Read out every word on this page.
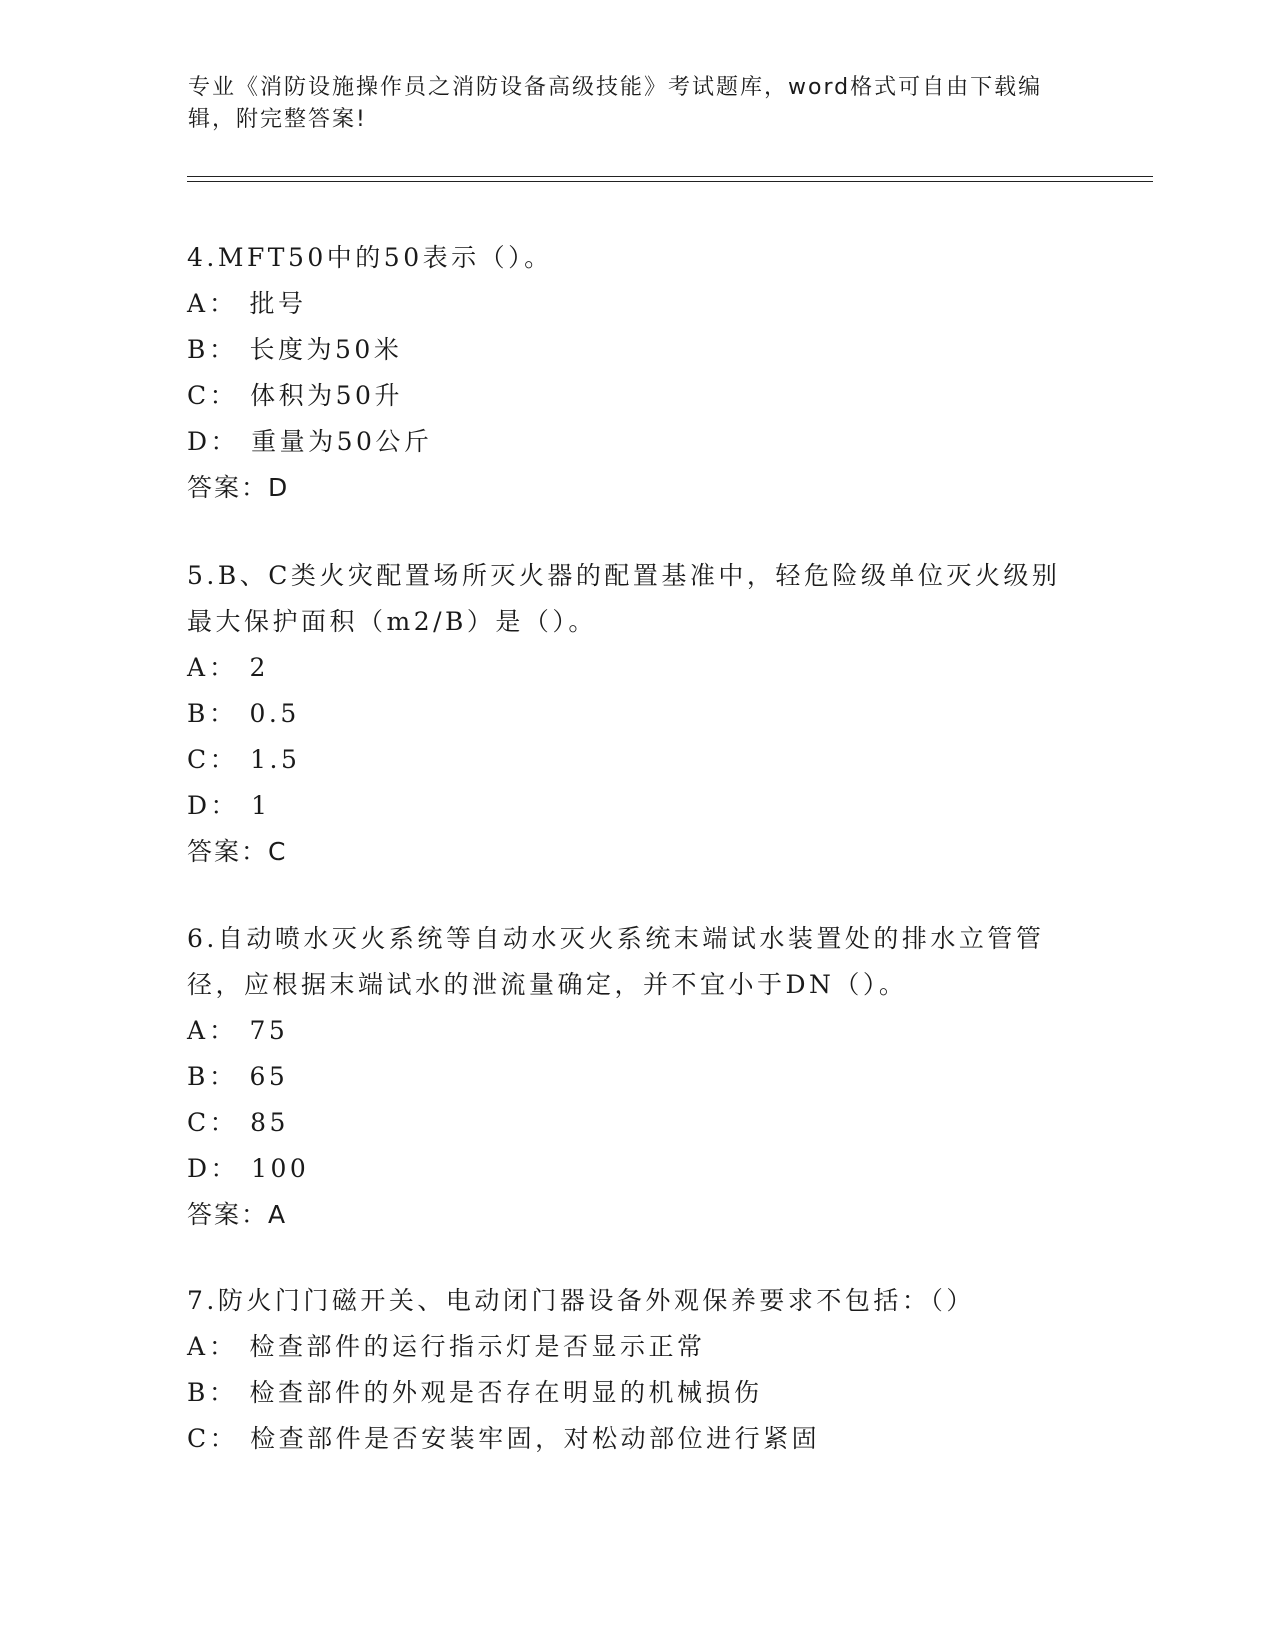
专业《消防设施操作员之消防设备高级技能》考试题库，word格式可自由下载编辑，附完整答案!

4.MFT50中的50表示（）。

A： 批号

B： 长度为50米

C： 体积为50升

D： 重量为50公斤

答案：D

5.B、C类火灾配置场所灭火器的配置基准中，轻危险级单位灭火级别最大保护面积（m2/B）是（）。

A： 2

B： 0.5

C： 1.5

D： 1

答案：C

6.自动喷水灭火系统等自动水灭火系统末端试水装置处的排水立管管径，应根据末端试水的泄流量确定，并不宜小于DN（）。

A： 75

B： 65

C： 85

D： 100

答案：A

7.防火门门磁开关、电动闭门器设备外观保养要求不包括：（）

A： 检查部件的运行指示灯是否显示正常

B： 检查部件的外观是否存在明显的机械损伤

C： 检查部件是否安装牢固，对松动部位进行紧固
